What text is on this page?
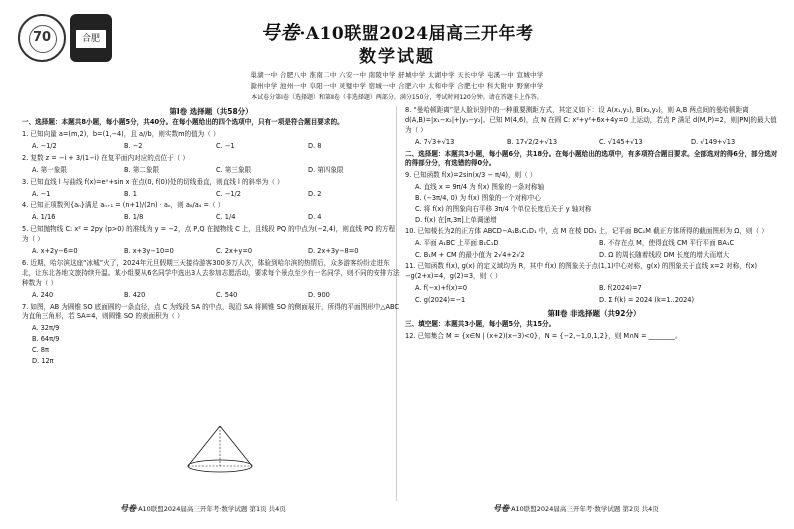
70	合肥	号卷·A10联盟2024届高三开年考
数学试题
巢湖一中 合肥八中 淮南二中 六安一中 南陵中学 舒城中学 太湖中学 天长中学 屯溪一中 宣城中学
滁州中学 池州一中 阜阳一中 灵璧中学 宿城一中 合肥六中 太和中学 合肥七中 科大附中 野寨中学
本试卷分第Ⅰ卷（选择题）和第Ⅱ卷（非选择题）两部分。满分150分，考试时间120分钟。请在答题卡上作答。
第Ⅰ卷 选择题（共58分）
一、选择题：本题共8小题，每小题5分，共40分。在每小题给出的四个选项中，只有一项是符合题目要求的。
1. 已知向量 a=(m,2)，b=(1,−4)，且 a//b，则实数m的值为（ ）
A. −1/2	B. −2	C. −1	D. 8
2. 复数 z = −i + 3/(1−i) 在复平面内对应的点位于（ ）
A. 第一象限	B. 第二象限	C. 第三象限	D. 第四象限
3. 已知直线 l 与曲线 f(x)=eˣ+sin x 在点(0, f(0))处的切线垂直，则直线 l 的斜率为（ ）
A. −1	B. 1	C. −1/2	D. 2
4. 已知正项数列{aₙ}满足 aₙ₊₁ = (n+1)/(2n) · aₙ，则 a₆/a₄ =（ ）
A. 1/16	B. 1/8	C. 1/4	D. 4
5. 已知抛物线 C: x² = 2py (p>0) 的准线为 y = −2，点 P,Q 在抛物线 C 上，且线段 PQ 的中点为(−2,4)，则直线 PQ 的方程为（ ）
A. x+2y−6=0	B. x+3y−10=0	C. 2x+y=0	D. 2x+3y−8=0
6. 近期，哈尔滨这座“冰城”火了，2024年元旦假期三天接待游客300多万人次，体验到哈尔滨的热情后，众多游客纷纷走进东北，让东北各地文旅持续升温。某小组要从6名同学中选出3人去参加志愿活动，要求每个景点至少有一名同学，则不同的安排方法种数为（ ）
A. 240	B. 420	C. 540	D. 900
7. 如图，AB 为圆锥 SO 底面圆的一条直径，点 C 为线段 SA 的中点，现沿 SA 将圆锥 SO 的侧面展开，所得的平面图形中△ABC 为直角三角形，若 SA=4，则圆锥 SO 的表面积为（ ）
A. 32π/9
B. 64π/9
C. 8π
D. 12π
8. “曼哈顿距离”是人脸识别中的一种重要测距方式，其定义如下：设 A(x₁,y₁), B(x₂,y₂)，则 A,B 两点间的曼哈顿距离 d(A,B)=|x₁−x₂|+|y₁−y₂|。已知 M(4,6)，点 N 在圆 C: x²+y²+6x+4y=0 上运动，若点 P 满足 d(M,P)=2，则|PN|的最大值为（ ）
A. 7√3+√13	B. 17√2/2+√13	C. √145+√13	D. √149+√13
二、选择题：本题共3小题，每小题6分，共18分。在每小题给出的选项中，有多项符合题目要求。全部选对的得6分，部分选对的得部分分，有选错的得0分。
9. 已知函数 f(x)=2sin(x/3 − π/4)，则（ ）
A. 直线 x = 9π/4 为 f(x) 图象的一条对称轴
B. (−3π/4, 0) 为 f(x) 图象的一个对称中心
C. 将 f(x) 的图象向右平移 3π/4 个单位长度后关于 y 轴对称
D. f(x) 在[π,3π]上单调递增
10. 已知棱长为2的正方体 ABCD−A₁B₁C₁D₁ 中，点 M 在棱 DD₁ 上，记平面 BC₁M 截正方体所得的截面图形为 Ω，则（ ）
A. 平面 A₁BC 上平面 B₁C₁D	B. 不存在点 M，使得直线 CM 平行平面 BA₁C
C. B₁M + CM 的最小值为 2√4+2√2	D. Ω 的周长随着线段 DM 长度的增大而增大
11. 已知函数 f(x), g(x) 的定义域均为 R，其中 f(x) 的图象关于点(1,1)中心对称，g(x) 的图象关于直线 x=2 对称，f(x)−g(2+x)=4，g(2)=3，则（ ）
A. f(−x)+f(x)=0	B. f(2024)=7
C. g(2024)=−1	D. Σ f(k) = 2024 (k=1..2024)
第Ⅱ卷 非选择题（共92分）
三、填空题：本题共3小题，每小题5分，共15分。
12. 已知集合 M = {x∈N | (x+2)(x−3)<0}，N = {−2,−1,0,1,2}，则 M∩N = ________。
号卷·A10联盟2024届高三开年考·数学试题 第1页 共4页	号卷·A10联盟2024届高三开年考·数学试题 第2页 共4页
